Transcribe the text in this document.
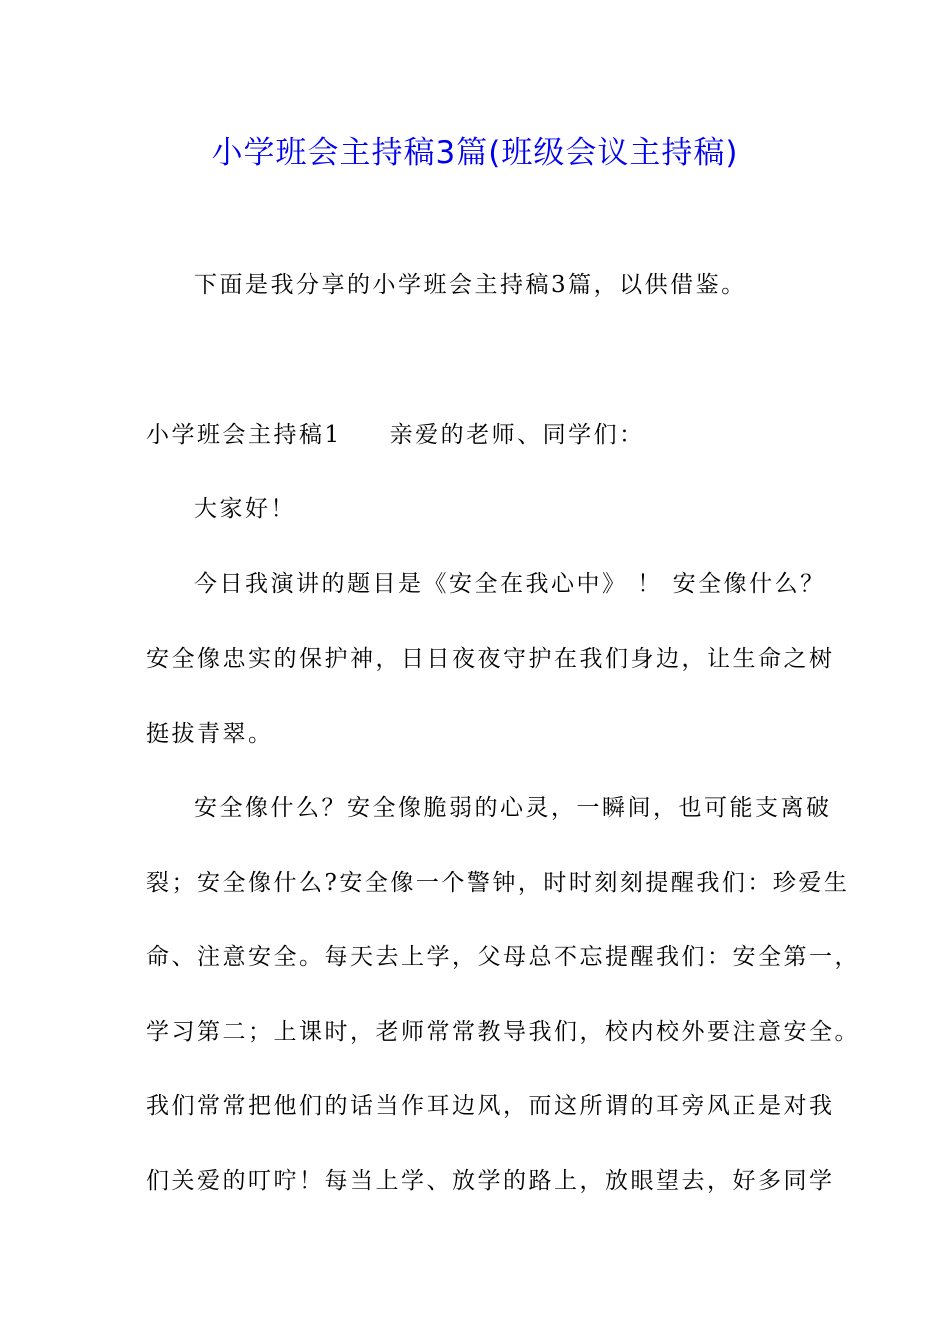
小学班会主持稿3篇(班级会议主持稿)
下面是我分享的小学班会主持稿3篇，以供借鉴。
小学班会主持稿1 亲爱的老师、同学们：
大家好！
今日我演讲的题目是《安全在我心中》 ！ 安全像什么？
安全像忠实的保护神，日日夜夜守护在我们身边，让生命之树
挺拔青翠。
安全像什么？安全像脆弱的心灵，一瞬间，也可能支离破
裂；安全像什么?安全像一个警钟，时时刻刻提醒我们：珍爱生
命、注意安全。每天去上学，父母总不忘提醒我们：安全第一，
学习第二；上课时，老师常常教导我们，校内校外要注意安全。
我们常常把他们的话当作耳边风，而这所谓的耳旁风正是对我
们关爱的叮咛！每当上学、放学的路上，放眼望去，好多同学
